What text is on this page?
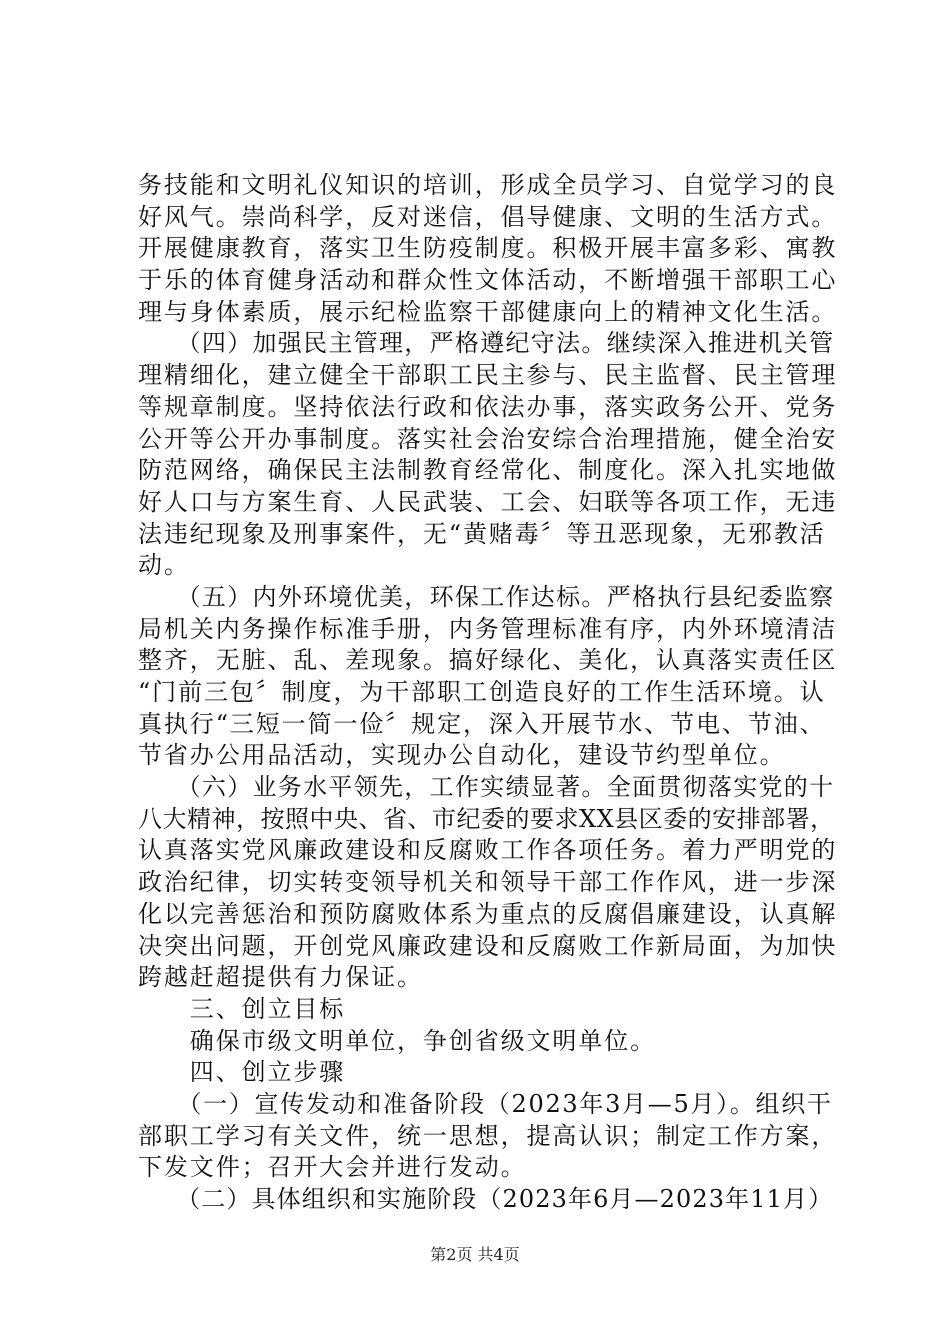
务技能和文明礼仪知识的培训，形成全员学习、自觉学习的良
好风气。崇尚科学，反对迷信，倡导健康、文明的生活方式。
开展健康教育，落实卫生防疫制度。积极开展丰富多彩、寓教
于乐的体育健身活动和群众性文体活动，不断增强干部职工心
理与身体素质，展示纪检监察干部健康向上的精神文化生活。
　　（四）加强民主管理，严格遵纪守法。继续深入推进机关管
理精细化，建立健全干部职工民主参与、民主监督、民主管理
等规章制度。坚持依法行政和依法办事，落实政务公开、党务
公开等公开办事制度。落实社会治安综合治理措施，健全治安
防范网络，确保民主法制教育经常化、制度化。深入扎实地做
好人口与方案生育、人民武装、工会、妇联等各项工作，无违
法违纪现象及刑事案件，无“黄赌毒〞等丑恶现象，无邪教活
动。
　　（五）内外环境优美，环保工作达标。严格执行县纪委监察
局机关内务操作标准手册，内务管理标准有序，内外环境清洁
整齐，无脏、乱、差现象。搞好绿化、美化，认真落实责任区
“门前三包〞制度，为干部职工创造良好的工作生活环境。认
真执行“三短一简一俭〞规定，深入开展节水、节电、节油、
节省办公用品活动，实现办公自动化，建设节约型单位。
　　（六）业务水平领先，工作实绩显著。全面贯彻落实党的十
八大精神，按照中央、省、市纪委的要求XX县区委的安排部署，
认真落实党风廉政建设和反腐败工作各项任务。着力严明党的
政治纪律，切实转变领导机关和领导干部工作作风，进一步深
化以完善惩治和预防腐败体系为重点的反腐倡廉建设，认真解
决突出问题，开创党风廉政建设和反腐败工作新局面，为加快
跨越赶超提供有力保证。
　　三、创立目标
　　确保市级文明单位，争创省级文明单位。
　　四、创立步骤
　　（一）宣传发动和准备阶段（2023年3月—5月）。组织干
部职工学习有关文件，统一思想，提高认识；制定工作方案，
下发文件；召开大会并进行发动。
　　（二）具体组织和实施阶段（2023年6月—2023年11月）
第2页 共4页
